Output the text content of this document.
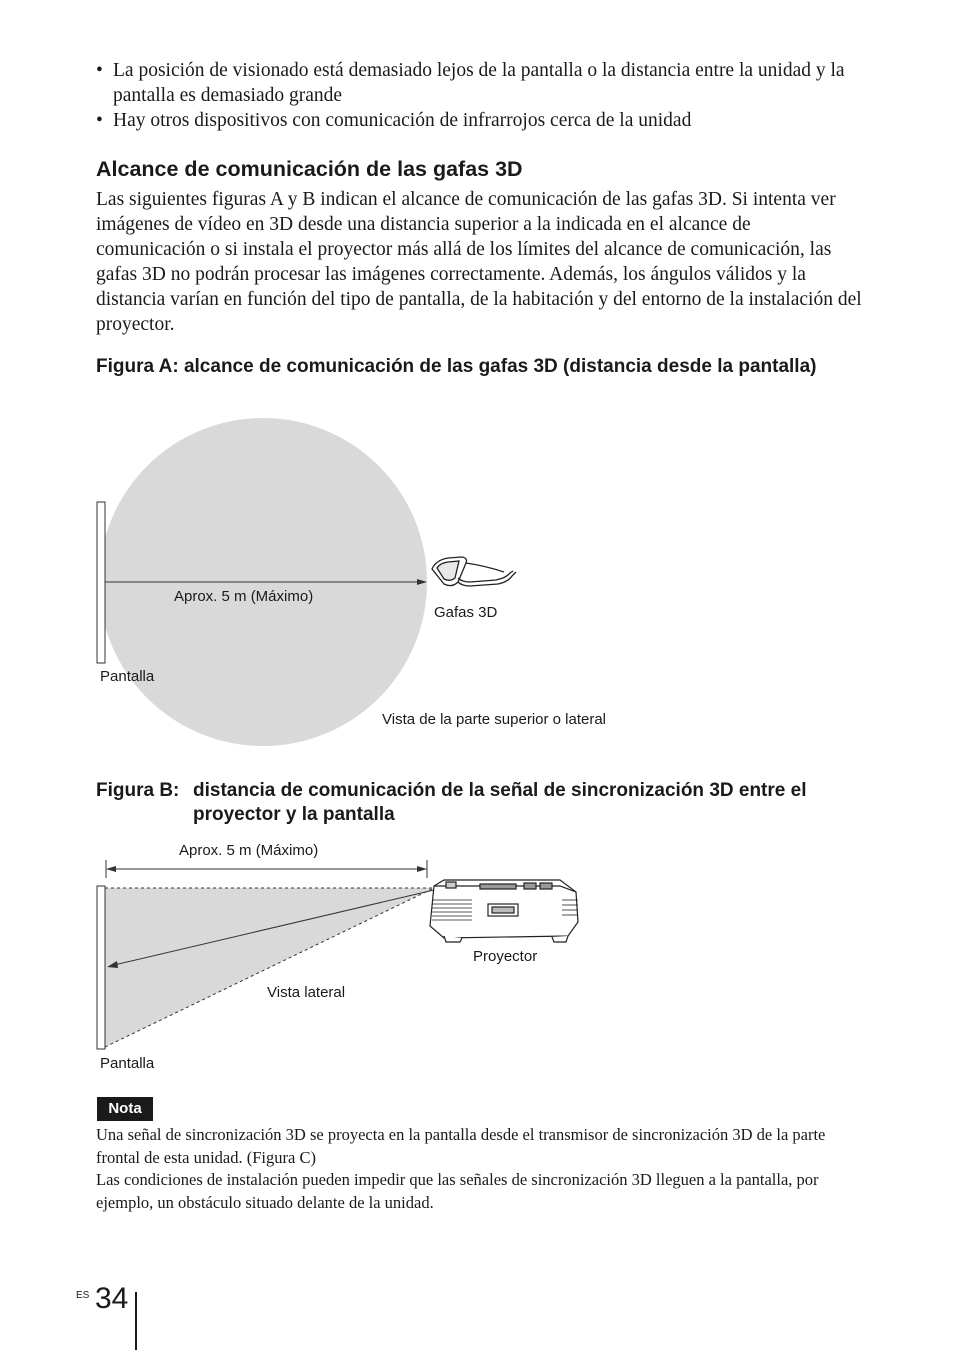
• La posición de visionado está demasiado lejos de la pantalla o la distancia entre la unidad y la pantalla es demasiado grande
• Hay otros dispositivos con comunicación de infrarrojos cerca de la unidad
Alcance de comunicación de las gafas 3D
Las siguientes figuras A y B indican el alcance de comunicación de las gafas 3D. Si intenta ver imágenes de vídeo en 3D desde una distancia superior a la indicada en el alcance de comunicación o si instala el proyector más allá de los límites del alcance de comunicación, las gafas 3D no podrán procesar las imágenes correctamente. Además, los ángulos válidos y la distancia varían en función del tipo de pantalla, de la habitación y del entorno de la instalación del proyector.
Figura A: alcance de comunicación de las gafas 3D (distancia desde la pantalla)
Aprox. 5 m (Máximo)
Gafas 3D
Pantalla
Vista de la parte superior o lateral
Figura B: distancia de comunicación de la señal de sincronización 3D entre el proyector y la pantalla
Aprox. 5 m (Máximo)
Proyector
Vista lateral
Pantalla
Nota
Una señal de sincronización 3D se proyecta en la pantalla desde el transmisor de sincronización 3D de la parte frontal de esta unidad. (Figura C)
Las condiciones de instalación pueden impedir que las señales de sincronización 3D lleguen a la pantalla, por ejemplo, un obstáculo situado delante de la unidad.
ES 34
